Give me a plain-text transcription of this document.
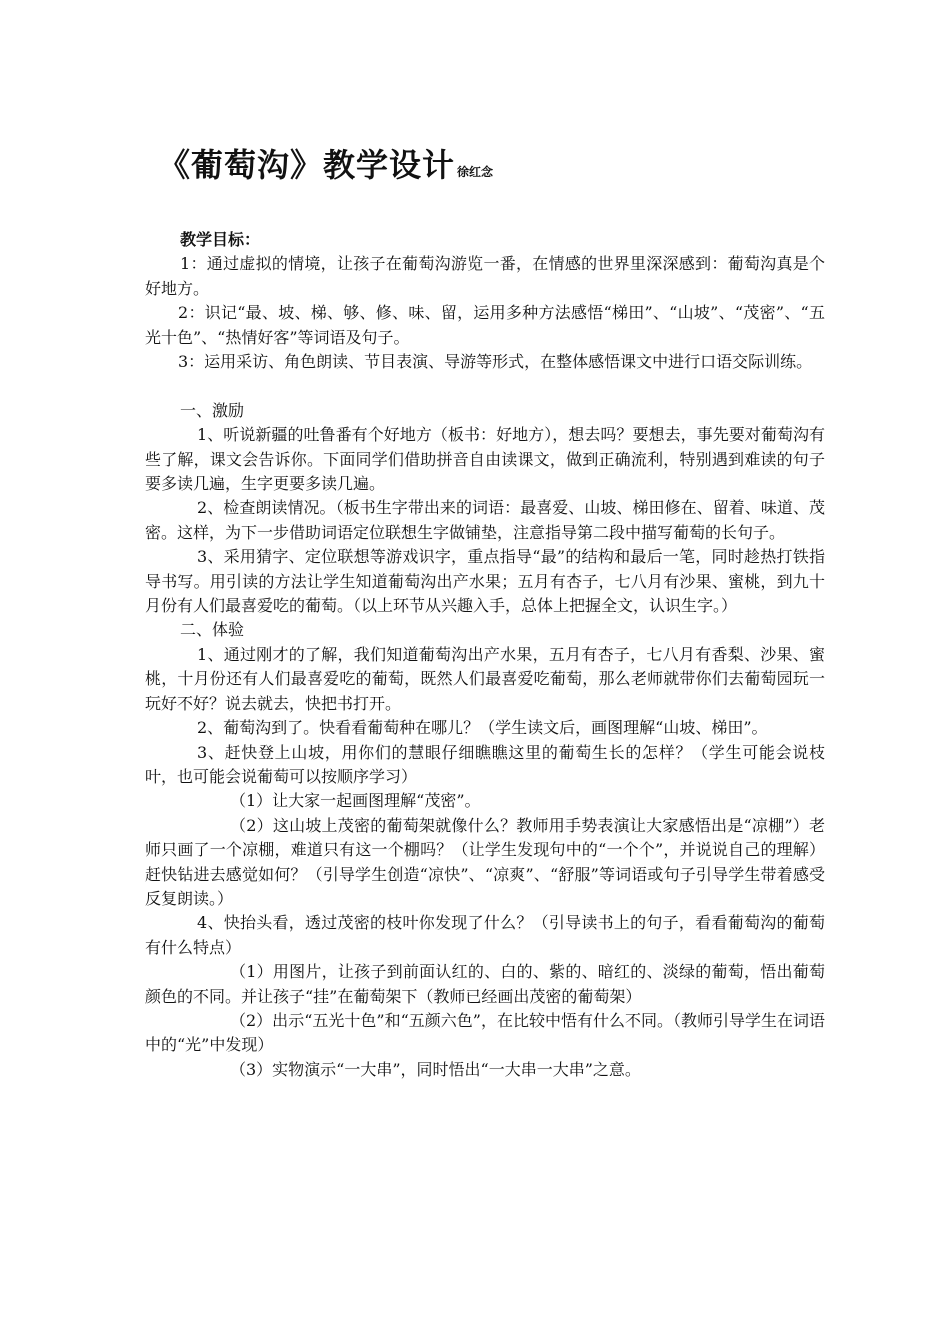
《葡萄沟》教学设计 徐红念

教学目标：

1：通过虚拟的情境，让孩子在葡萄沟游览一番，在情感的世界里深深感到：葡萄沟真是个好地方。

2：识记“最、坡、梯、够、修、味、留，运用多种方法感悟“梯田”、“山坡”、“茂密”、“五光十色”、“热情好客”等词语及句子。

3：运用采访、角色朗读、节目表演、导游等形式，在整体感悟课文中进行口语交际训练。

一、激励

1、听说新疆的吐鲁番有个好地方（板书：好地方），想去吗？要想去，事先要对葡萄沟有些了解，课文会告诉你。下面同学们借助拼音自由读课文，做到正确流利，特别遇到难读的句子要多读几遍，生字更要多读几遍。

2、检查朗读情况。（板书生字带出来的词语：最喜爱、山坡、梯田修在、留着、味道、茂密。这样，为下一步借助词语定位联想生字做铺垫，注意指导第二段中描写葡萄的长句子。

3、采用猜字、定位联想等游戏识字，重点指导“最”的结构和最后一笔，同时趁热打铁指导书写。用引读的方法让学生知道葡萄沟出产水果；五月有杏子，七八月有沙果、蜜桃，到九十月份有人们最喜爱吃的葡萄。（以上环节从兴趣入手，总体上把握全文，认识生字。）

二、体验

1、通过刚才的了解，我们知道葡萄沟出产水果，五月有杏子，七八月有香梨、沙果、蜜桃，十月份还有人们最喜爱吃的葡萄，既然人们最喜爱吃葡萄，那么老师就带你们去葡萄园玩一玩好不好？说去就去，快把书打开。

2、葡萄沟到了。快看看葡萄种在哪儿？（学生读文后，画图理解“山坡、梯田”。

3、赶快登上山坡，用你们的慧眼仔细瞧瞧这里的葡萄生长的怎样？（学生可能会说枝叶，也可能会说葡萄可以按顺序学习）

（1）让大家一起画图理解“茂密”。

（2）这山坡上茂密的葡萄架就像什么？教师用手势表演让大家感悟出是“凉棚”）老师只画了一个凉棚，难道只有这一个棚吗？（让学生发现句中的“一个个”，并说说自己的理解）赶快钻进去感觉如何？（引导学生创造“凉快”、“凉爽”、“舒服”等词语或句子引导学生带着感受反复朗读。）

4、快抬头看，透过茂密的枝叶你发现了什么？（引导读书上的句子，看看葡萄沟的葡萄有什么特点）

（1）用图片，让孩子到前面认红的、白的、紫的、暗红的、淡绿的葡萄，悟出葡萄颜色的不同。并让孩子“挂”在葡萄架下（教师已经画出茂密的葡萄架）

（2）出示“五光十色”和“五颜六色”，在比较中悟有什么不同。（教师引导学生在词语中的“光”中发现）

（3）实物演示“一大串”，同时悟出“一大串一大串”之意。
